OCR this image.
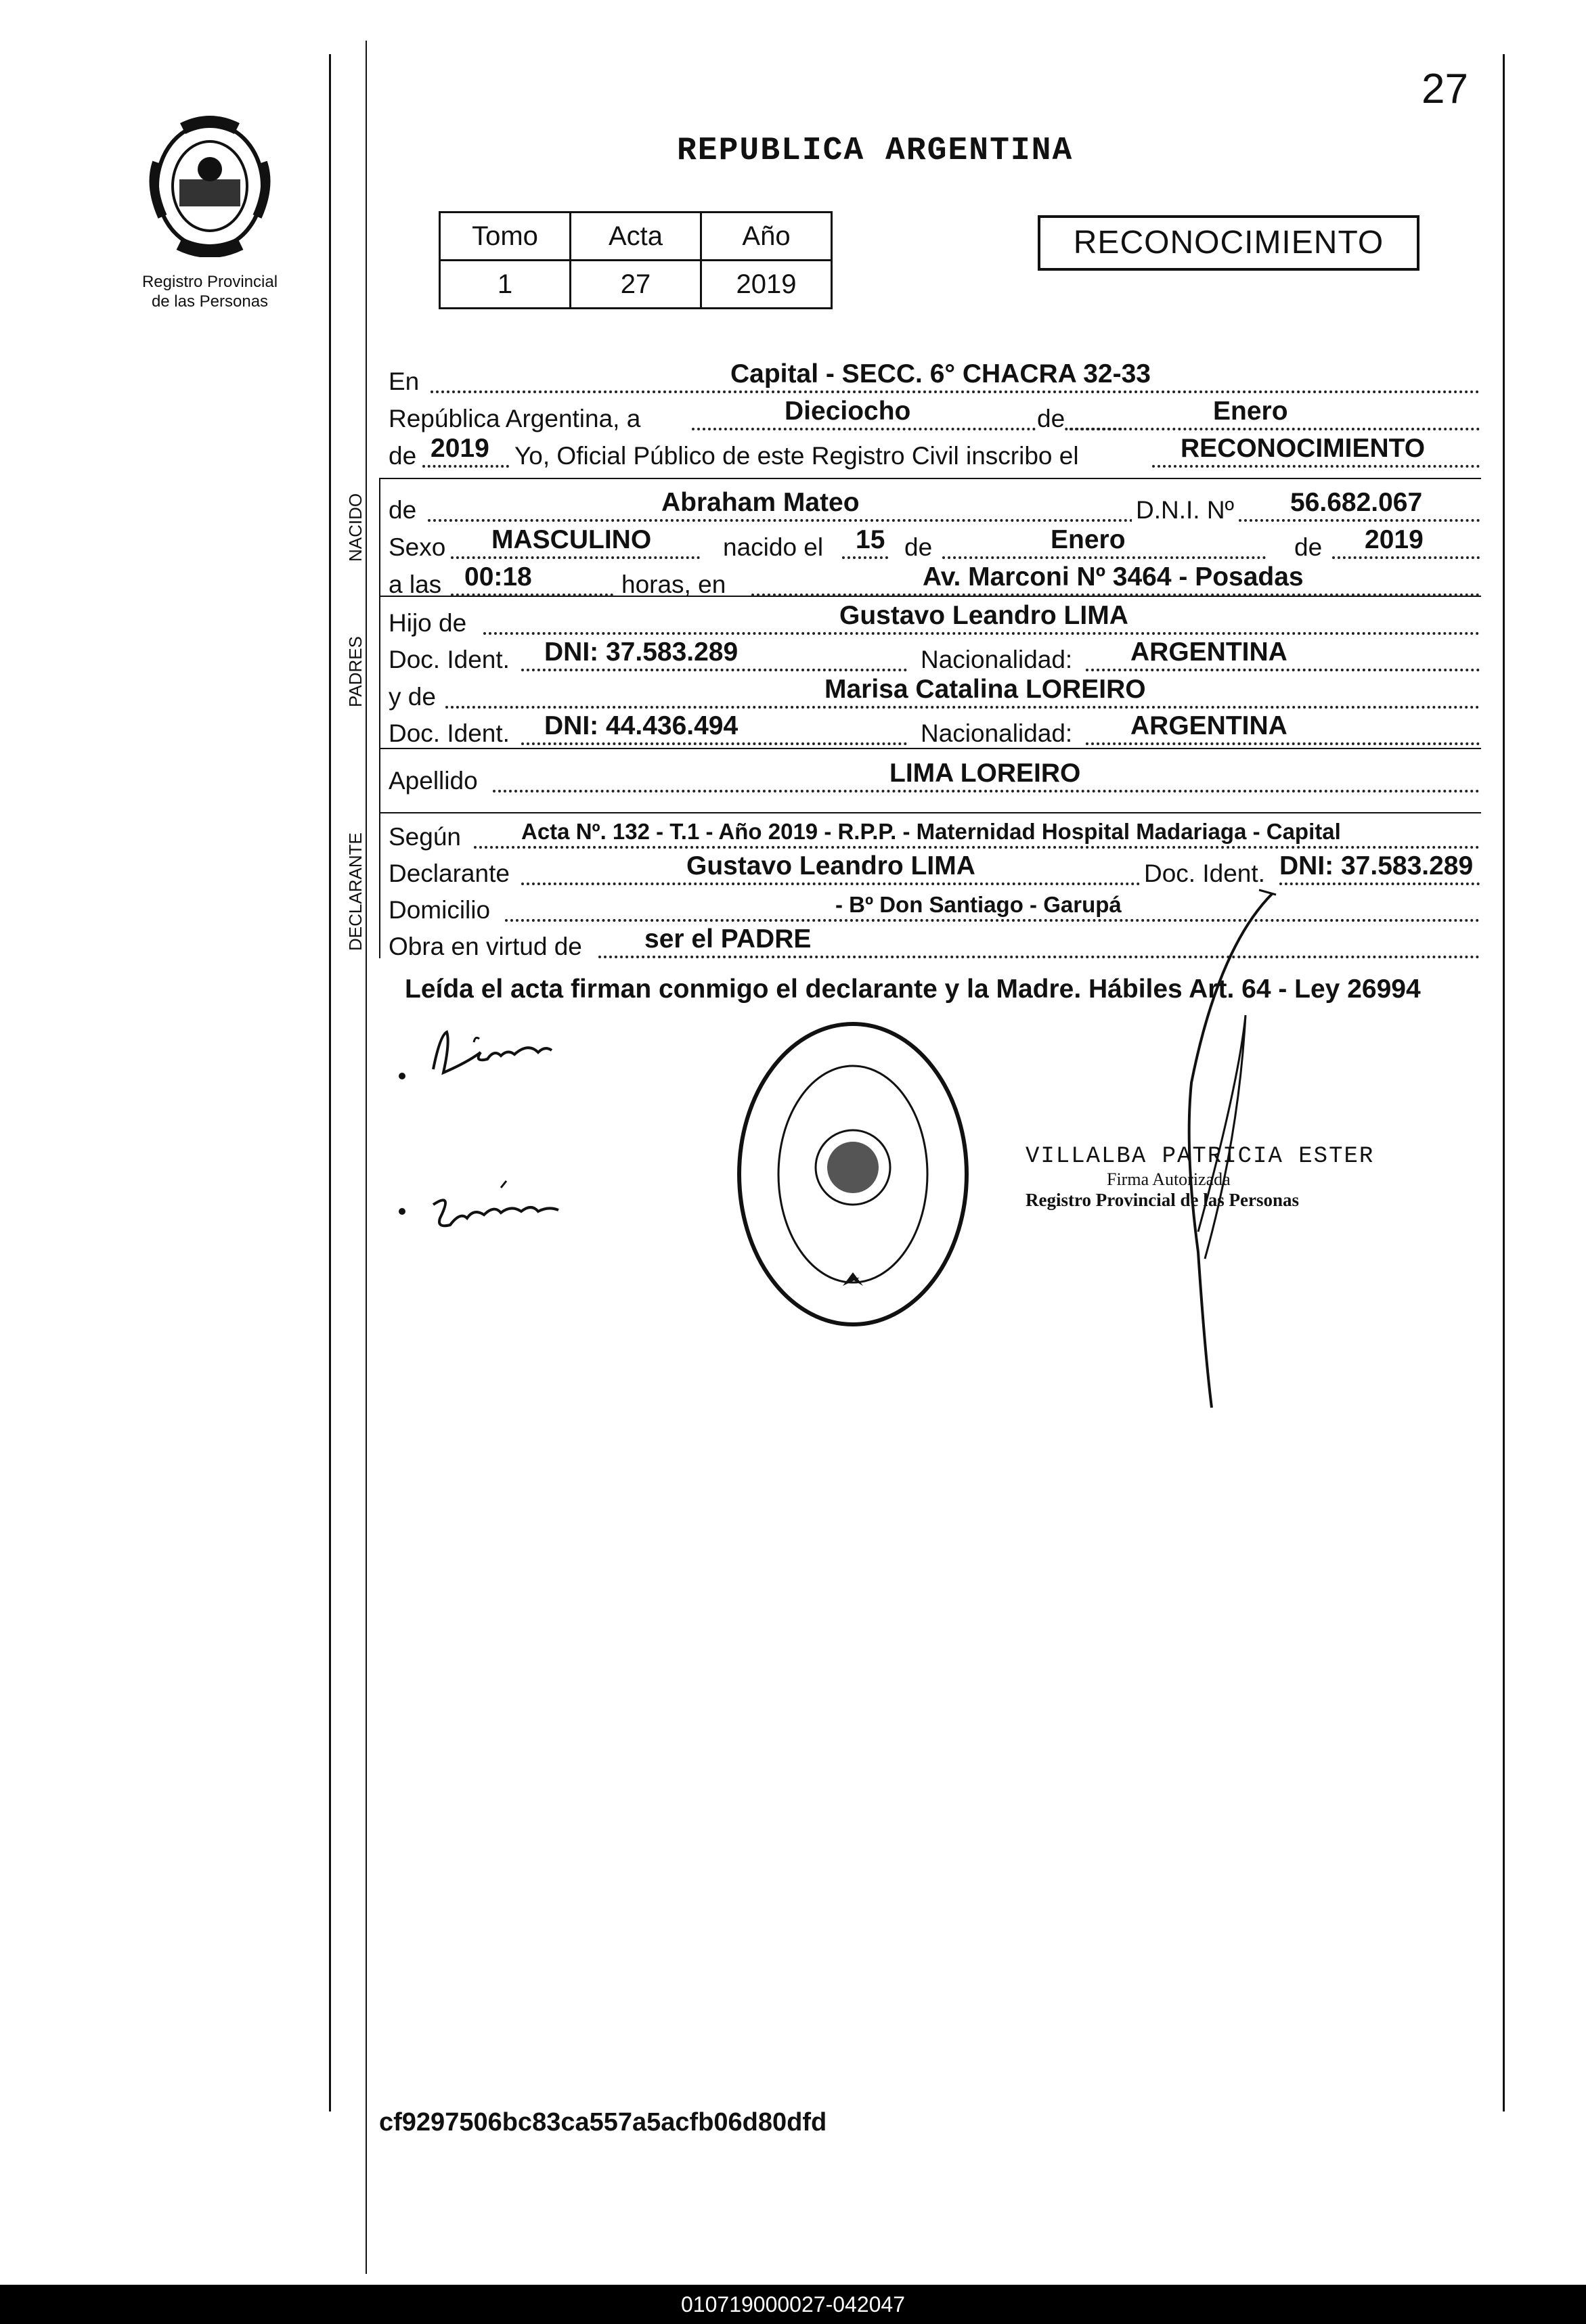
Registro Provincial
de las Personas
27
REPUBLICA ARGENTINA
Tomo	Acta	Año
1	27	2019
RECONOCIMIENTO
NACIDO
PADRES
DECLARANTE
En	Capital - SECC. 6° CHACRA 32-33
República Argentina, a	Dieciocho	de	Enero
de 2019 Yo, Oficial Público de este Registro Civil inscribo el	RECONOCIMIENTO
de	Abraham Mateo	D.N.I. Nº 56.682.067
Sexo MASCULINO	nacido el 15 de	Enero	de 2019
a las 00:18	horas, en	Av. Marconi Nº 3464 - Posadas
Hijo de	Gustavo Leandro LIMA
Doc. Ident. DNI: 37.583.289	Nacionalidad: ARGENTINA
y de	Marisa Catalina LOREIRO
Doc. Ident. DNI: 44.436.494	Nacionalidad: ARGENTINA
Apellido	LIMA LOREIRO
Según	Acta Nº. 132 - T.1 - Año 2019 - R.P.P. - Maternidad Hospital Madariaga - Capital
Declarante	Gustavo Leandro LIMA	Doc. Ident. DNI: 37.583.289
Domicilio	- Bº Don Santiago - Garupá
Obra en virtud de ser el PADRE
Leída el acta firman conmigo el declarante y la Madre. Hábiles Art. 64 - Ley 26994
VILLALBA PATRICIA ESTER
Firma Autorizada
Registro Provincial de las Personas
cf9297506bc83ca557a5acfb06d80dfd
010719000027-042047
